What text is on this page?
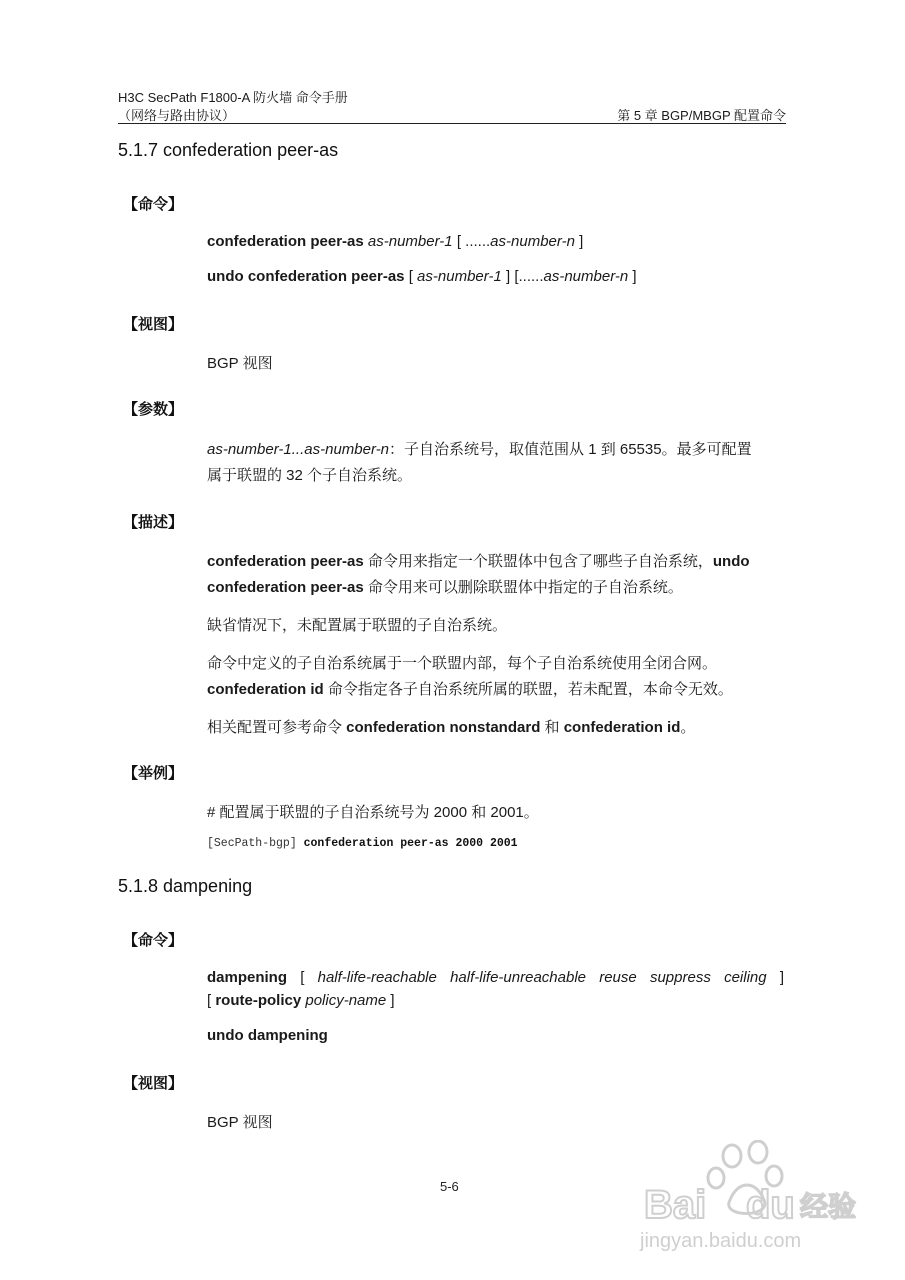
H3C SecPath F1800-A 防火墙 命令手册
（网络与路由协议）	第 5 章 BGP/MBGP 配置命令
5.1.7 confederation peer-as
【命令】
confederation peer-as as-number-1 [ ......as-number-n ]
undo confederation peer-as [ as-number-1 ] [......as-number-n ]
【视图】
BGP 视图
【参数】
as-number-1...as-number-n：子自治系统号，取值范围从 1 到 65535。最多可配置
属于联盟的 32 个子自治系统。
【描述】
confederation peer-as 命令用来指定一个联盟体中包含了哪些子自治系统，undo
confederation peer-as 命令用来可以删除联盟体中指定的子自治系统。
缺省情况下，未配置属于联盟的子自治系统。
命令中定义的子自治系统属于一个联盟内部，每个子自治系统使用全闭合网。
confederation id 命令指定各子自治系统所属的联盟，若未配置，本命令无效。
相关配置可参考命令 confederation nonstandard 和 confederation id。
【举例】
# 配置属于联盟的子自治系统号为 2000 和 2001。
[SecPath-bgp] confederation peer-as 2000 2001
5.1.8 dampening
【命令】
dampening [ half-life-reachable half-life-unreachable reuse suppress ceiling ]
[ route-policy policy-name ]
undo dampening
【视图】
BGP 视图
5-6	Bai du 经验
jingyan.baidu.com
